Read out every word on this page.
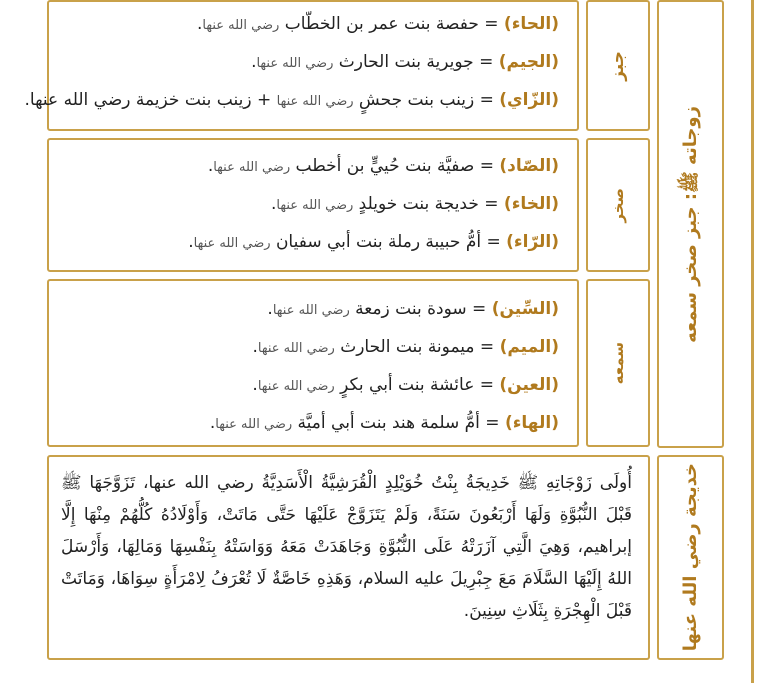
زوجاته ﷺ: جبز صخر سمعه
(الحاء) = حفصة بنت عمر بن الخطّاب رضي الله عنها.
(الجيم) = جويرية بنت الحارث رضي الله عنها.
(الزّاي) = زينب بنت جحشٍ رضي الله عنها + زينب بنت خزيمة رضي الله عنها.
جبز
(الصّاد) = صفيَّة بنت حُييٍّ بن أخطب رضي الله عنها.
(الخاء) = خديجة بنت خويلدٍ رضي الله عنها.
(الرّاء) = أمُّ حبيبة رملة بنت أبي سفيان رضي الله عنها.
صخر
(السِّين) = سودة بنت زمعة رضي الله عنها.
(الميم) = ميمونة بنت الحارث رضي الله عنها.
(العين) = عائشة بنت أبي بكرٍ رضي الله عنها.
(الهاء) = أمُّ سلمة هند بنت أبي أميَّة رضي الله عنها.
سمعه
أُولَى زَوْجَاتِهِ ﷺ خَدِيجَةُ بِنْتُ خُوَيْلِدٍ الْقُرَشِيَّةُ الْأَسَدِيَّةُ رضي الله عنها، تَزَوَّجَهَا ﷺ قَبْلَ النُّبُوَّةِ وَلَهَا أَرْبَعُونَ سَنَةً، وَلَمْ يَتَزَوَّجْ عَلَيْهَا حَتَّى مَاتَتْ، وَأَوْلَادُهُ كُلُّهُمْ مِنْهَا إِلَّا إبراهيم، وَهِيَ الَّتِي آزَرَتْهُ عَلَى النُّبُوَّةِ وَجَاهَدَتْ مَعَهُ وَوَاسَتْهُ بِنَفْسِهَا وَمَالِهَا، وَأَرْسَلَ اللهُ إِلَيْهَا السَّلَامَ مَعَ جِبْرِيلَ عليه السلام، وَهَذِهِ خَاصَّةٌ لَا تُعْرَفُ لِامْرَأَةٍ سِوَاهَا، وَمَاتَتْ قَبْلَ الْهِجْرَةِ بِثَلَاثِ سِنِينَ.	خديجة رضي الله عنها
